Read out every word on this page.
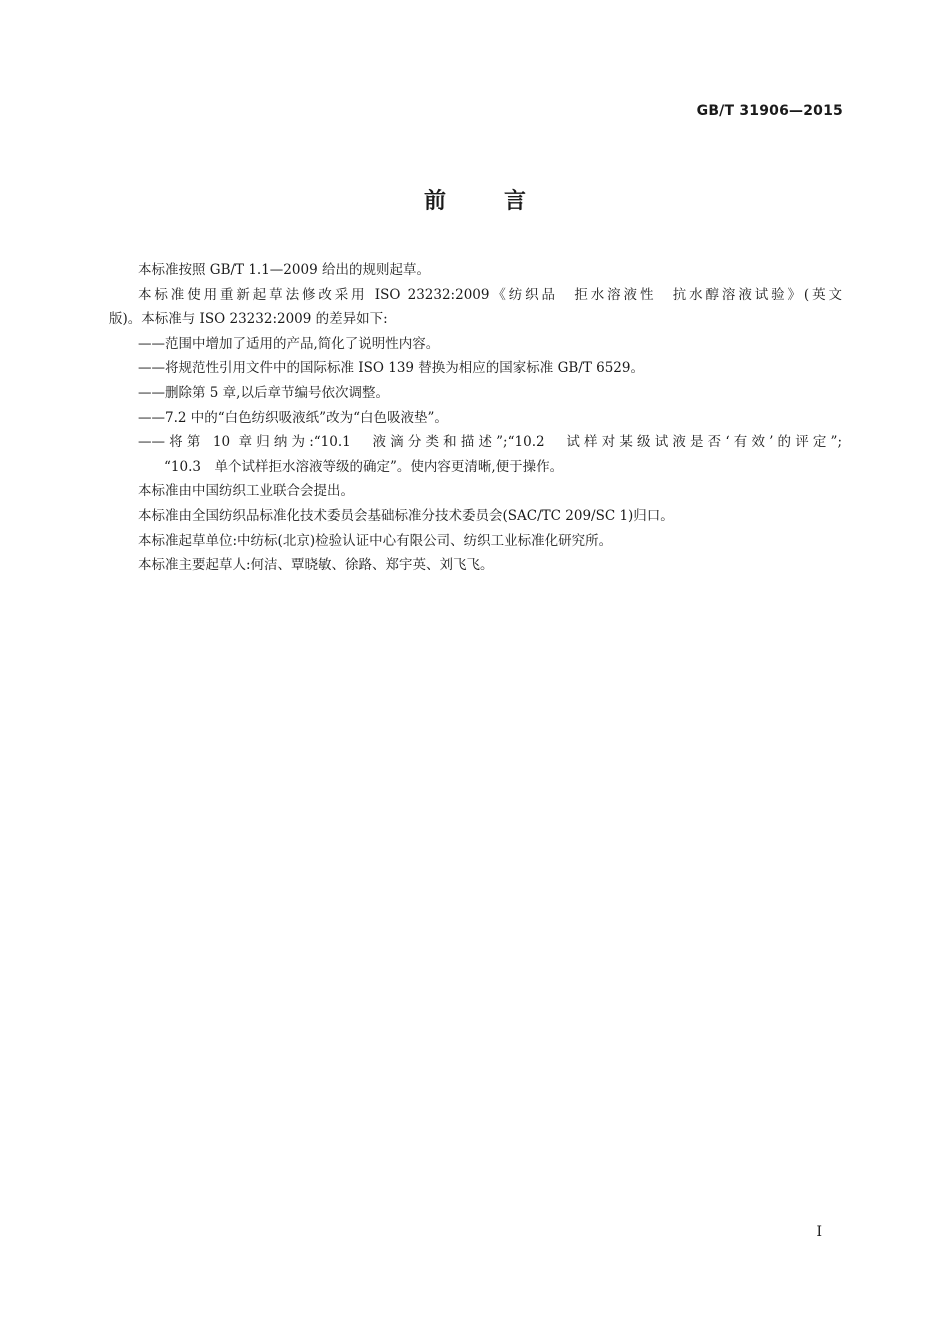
GB/T 31906—2015
前言
本标准按照 GB/T 1.1—2009 给出的规则起草。
本标准使用重新起草法修改采用 ISO 23232:2009《纺织品　拒水溶液性　抗水醇溶液试验》(英文
版)。本标准与 ISO 23232:2009 的差异如下:
——范围中增加了适用的产品,简化了说明性内容。
——将规范性引用文件中的国际标准 ISO 139 替换为相应的国家标准 GB/T 6529。
——删除第 5 章,以后章节编号依次调整。
——7.2 中的“白色纺织吸液纸”改为“白色吸液垫”。
——将第 10 章归纳为:“10.1　液滴分类和描述”;“10.2　试样对某级试液是否‘有效’的评定”;
“10.3　单个试样拒水溶液等级的确定”。使内容更清晰,便于操作。
本标准由中国纺织工业联合会提出。
本标准由全国纺织品标准化技术委员会基础标准分技术委员会(SAC/TC 209/SC 1)归口。
本标准起草单位:中纺标(北京)检验认证中心有限公司、纺织工业标准化研究所。
本标准主要起草人:何洁、覃晓敏、徐路、郑宇英、刘飞飞。
I
